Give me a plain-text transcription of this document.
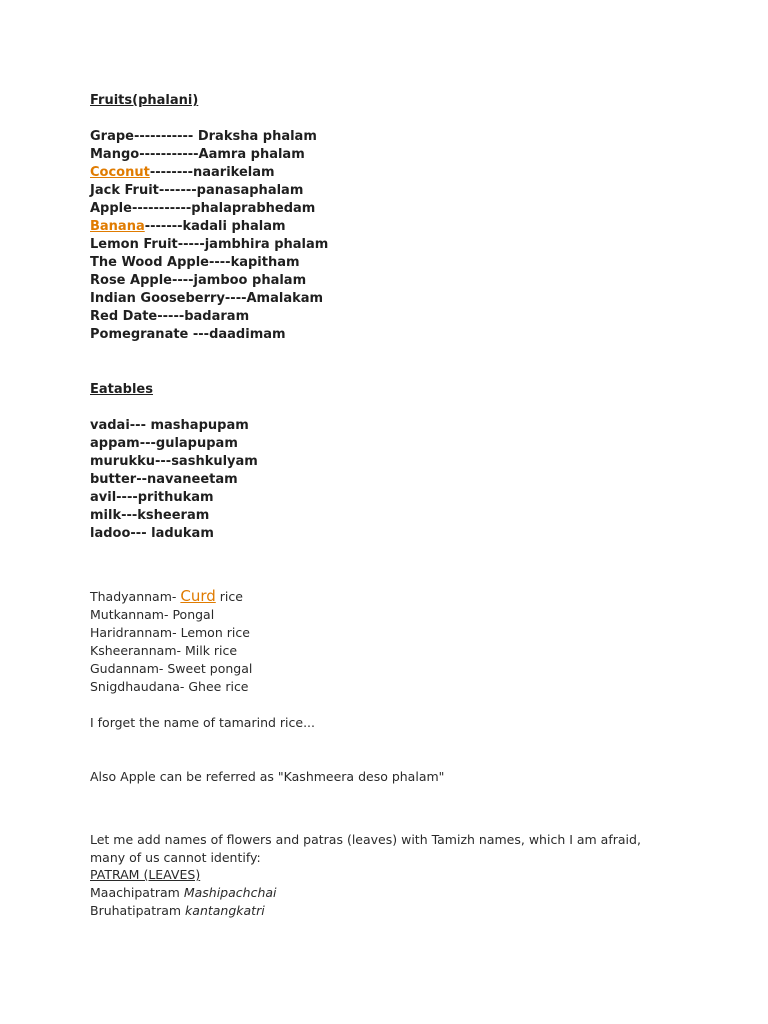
Fruits(phalani)
Grape----------- Draksha phalam
Mango-----------Aamra phalam
Coconut--------naarikelam
Jack Fruit-------panasaphalam
Apple-----------phalaprabhedam
Banana-------kadali phalam
Lemon Fruit-----jambhira phalam
The Wood Apple----kapitham
Rose Apple----jamboo phalam
Indian Gooseberry----Amalakam
Red Date-----badaram
Pomegranate ---daadimam
Eatables
vadai--- mashapupam
appam---gulapupam
murukku---sashkulyam
butter--navaneetam
avil----prithukam
milk---ksheeram
ladoo--- ladukam
Thadyannam- Curd rice
Mutkannam- Pongal
Haridrannam- Lemon rice
Ksheerannam- Milk rice
Gudannam- Sweet pongal
Snigdhaudana- Ghee rice
I forget the name of tamarind rice...
Also Apple can be referred as "Kashmeera deso phalam"
Let me add names of flowers and patras (leaves) with Tamizh names, which I am afraid,
many of us cannot identify:
PATRAM (LEAVES)
Maachipatram Mashipachchai
Bruhatipatram kantangkatri
